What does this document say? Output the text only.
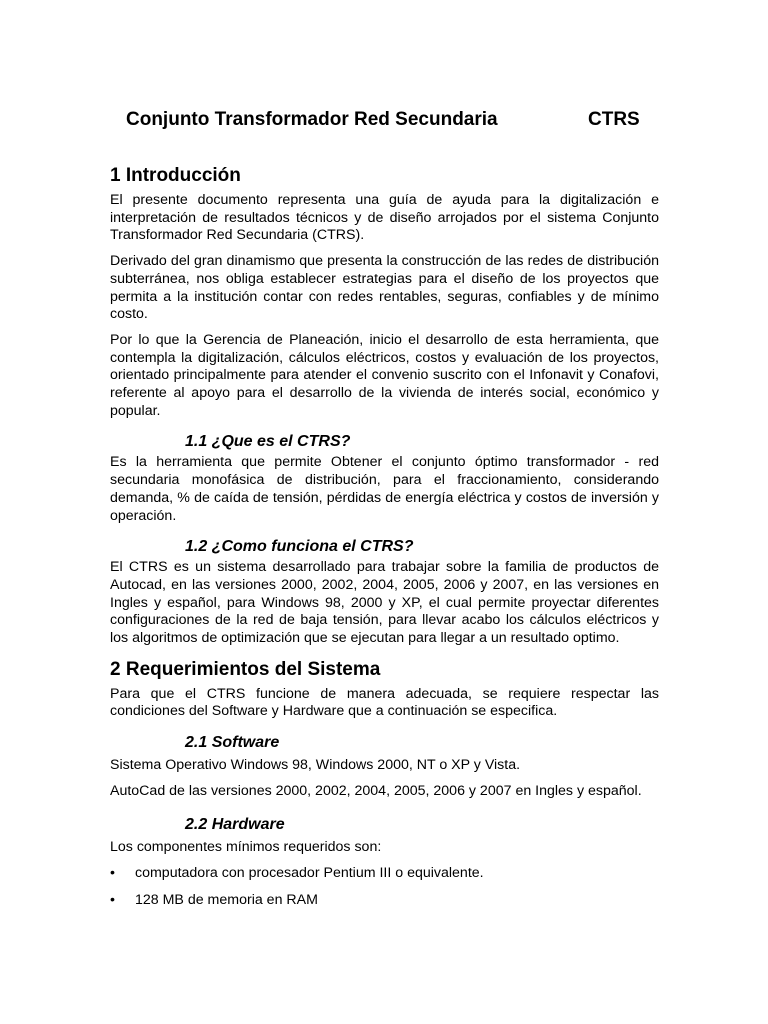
Conjunto Transformador Red Secundaria	CTRS
1 Introducción

El presente documento representa una guía de ayuda para la digitalización e interpretación de resultados técnicos y de diseño arrojados por el sistema Conjunto Transformador Red Secundaria (CTRS).

Derivado del gran dinamismo que presenta la construcción de las redes de distribución subterránea, nos obliga establecer estrategias para el diseño de los proyectos que permita a la institución contar con redes rentables, seguras, confiables y de mínimo costo.

Por lo que la Gerencia de Planeación, inicio el desarrollo de esta herramienta, que contempla la digitalización, cálculos eléctricos, costos y evaluación de los proyectos, orientado principalmente para atender el convenio suscrito con el Infonavit y Conafovi, referente al apoyo para el desarrollo de la vivienda de interés social, económico y popular.

1.1 ¿Que es el CTRS?

Es la herramienta que permite Obtener el conjunto óptimo transformador - red secundaria monofásica de distribución, para el fraccionamiento, considerando demanda, % de caída de tensión, pérdidas de energía eléctrica y costos de inversión y operación.

1.2 ¿Como funciona el CTRS?

El CTRS es un sistema desarrollado para trabajar sobre la familia de productos de Autocad, en las versiones 2000, 2002, 2004, 2005, 2006 y 2007, en las versiones en Ingles y español, para Windows 98, 2000 y XP, el cual permite proyectar diferentes configuraciones de la red de baja tensión, para llevar acabo los cálculos eléctricos y los algoritmos de optimización que se ejecutan para llegar a un resultado optimo.

2 Requerimientos del Sistema

Para que el CTRS funcione de manera adecuada, se requiere respectar las condiciones del Software y Hardware que a continuación se especifica.

2.1 Software

Sistema Operativo Windows 98, Windows 2000, NT o XP y Vista.

AutoCad de las versiones 2000, 2002, 2004, 2005, 2006 y 2007 en Ingles y español.

2.2 Hardware

Los componentes mínimos requeridos son:

• computadora con procesador Pentium III o equivalente.
• 128 MB de memoria en RAM
